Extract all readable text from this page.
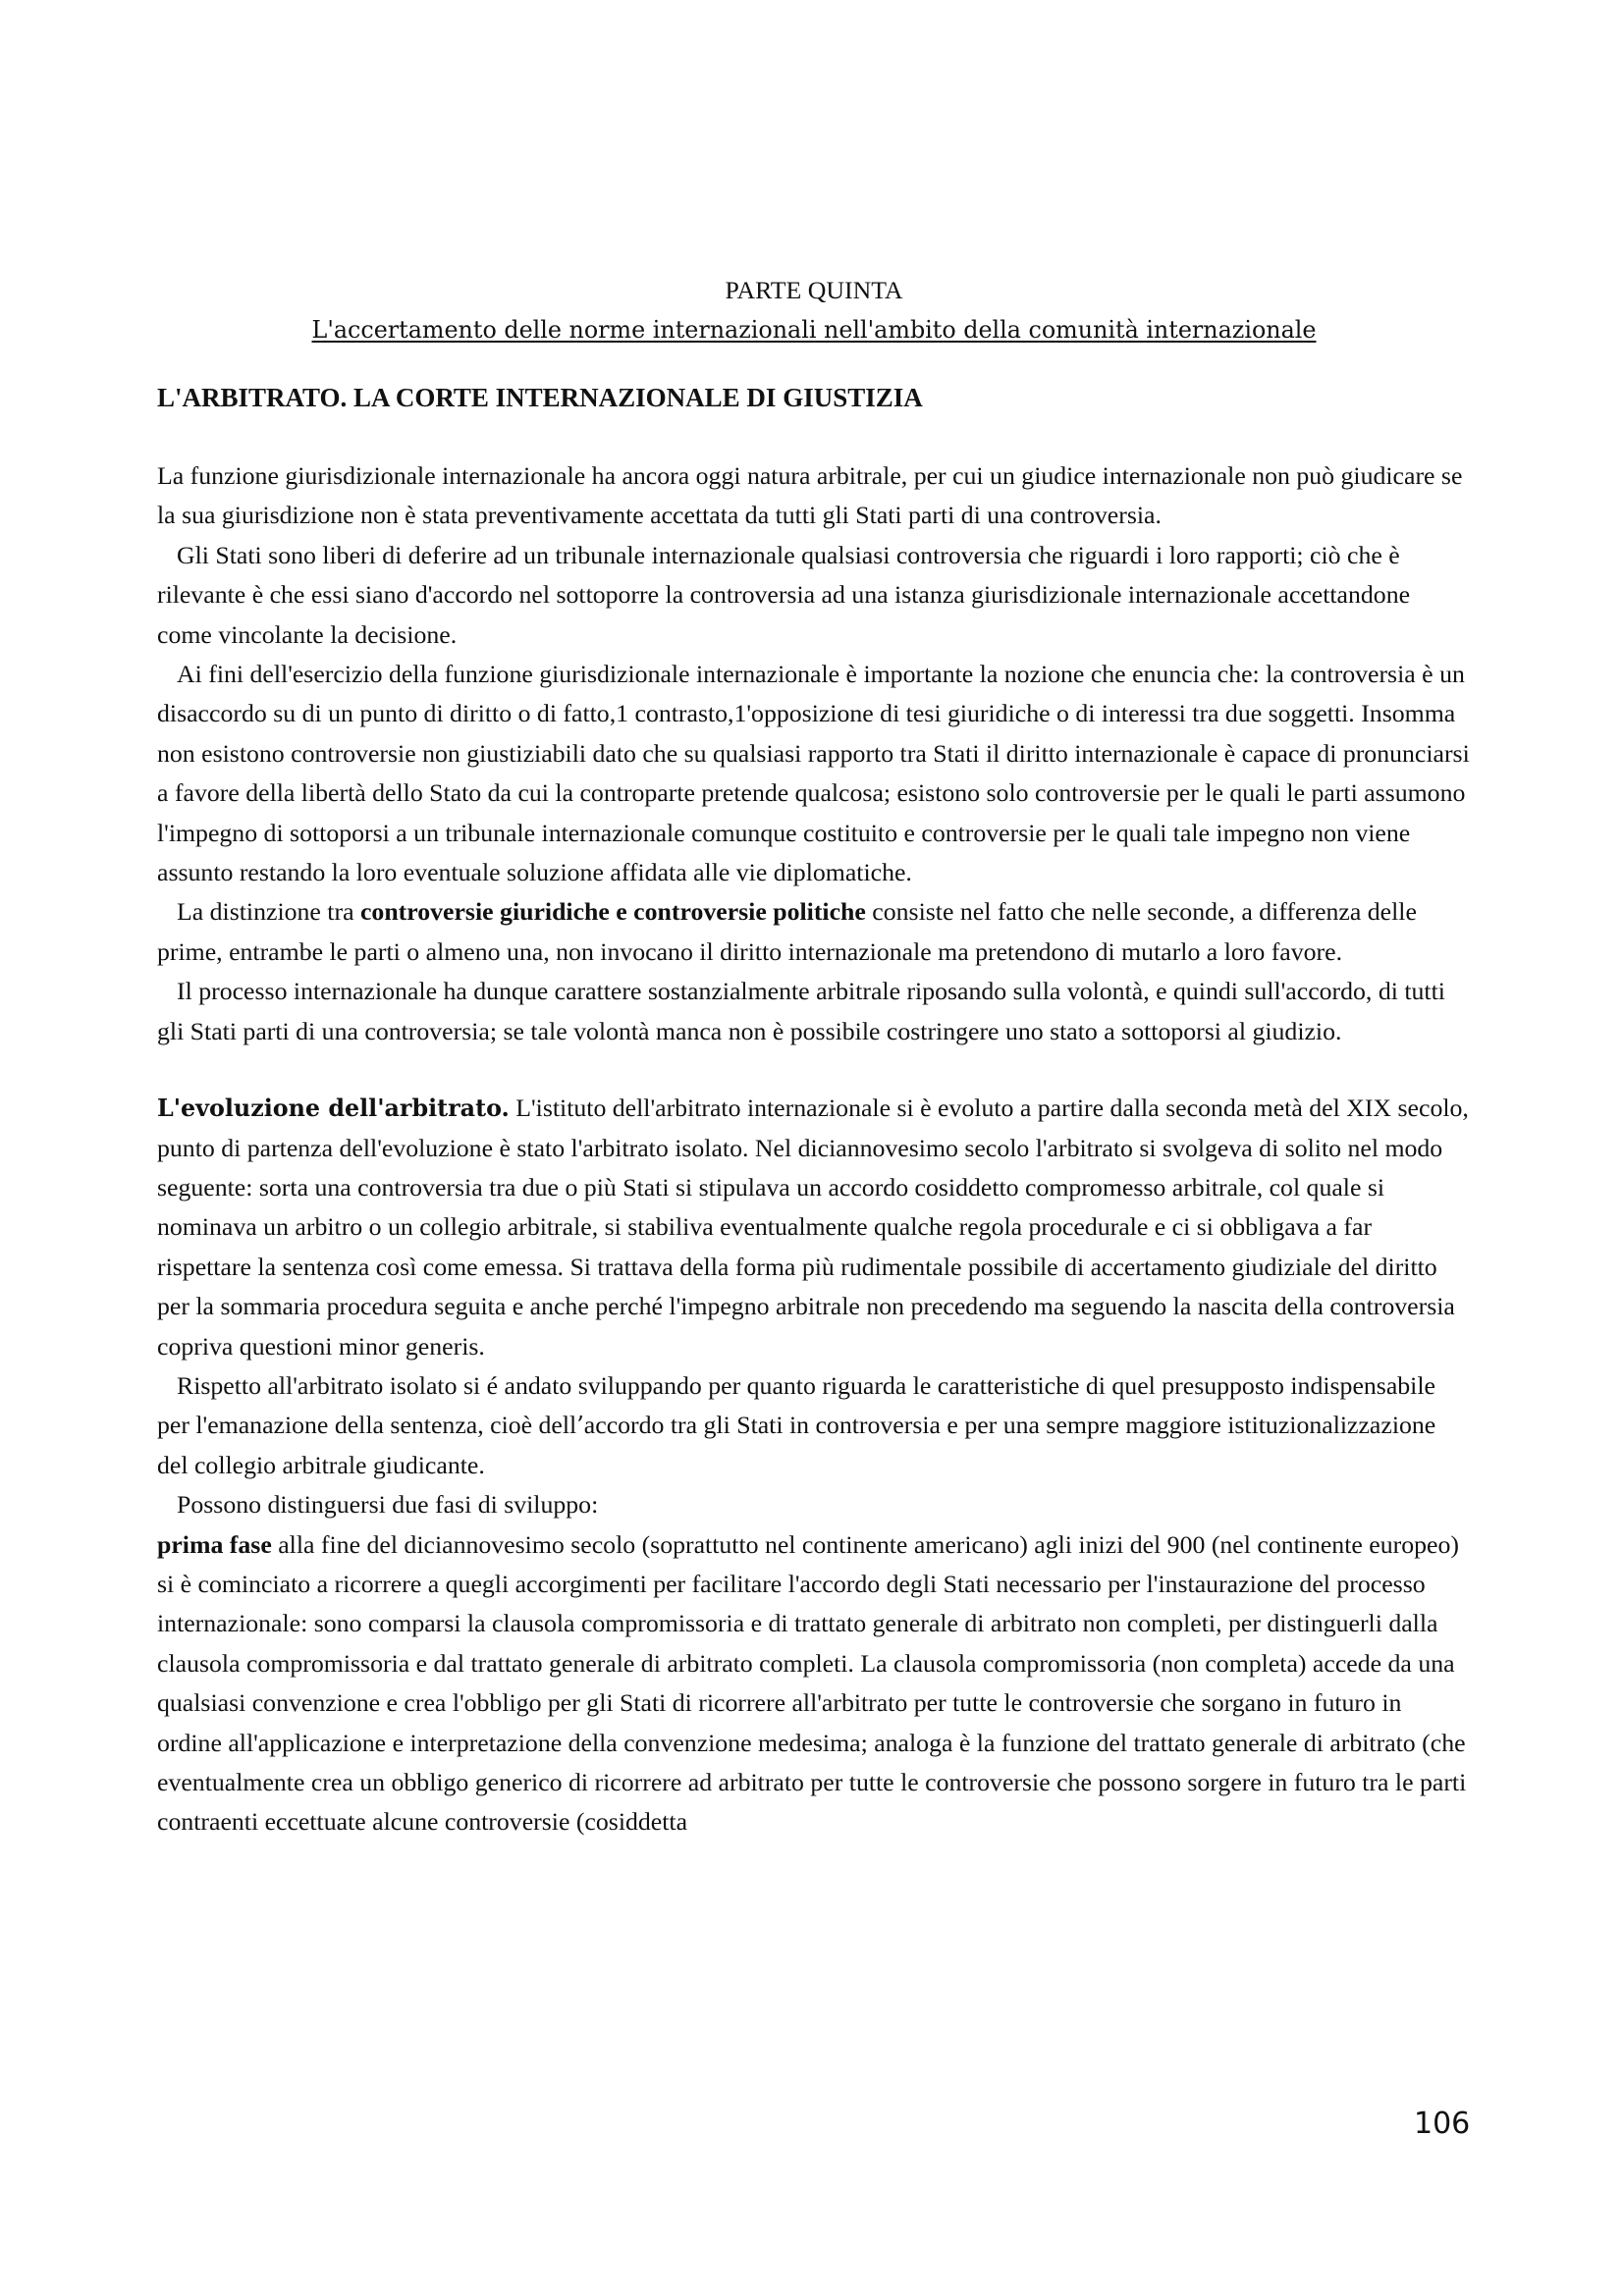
PARTE QUINTA

L'accertamento delle norme internazionali nell'ambito della comunità internazionale

L'ARBITRATO. LA CORTE INTERNAZIONALE DI GIUSTIZIA

La funzione giurisdizionale internazionale ha ancora oggi natura arbitrale, per cui un giudice internazionale non può giudicare se la sua giurisdizione non è stata preventivamente accettata da tutti gli Stati parti di una controversia.

Gli Stati sono liberi di deferire ad un tribunale internazionale qualsiasi controversia che riguardi i loro rapporti; ciò che è rilevante è che essi siano d'accordo nel sottoporre la controversia ad una istanza giurisdizionale internazionale accettandone come vincolante la decisione.

Ai fini dell'esercizio della funzione giurisdizionale internazionale è importante la nozione che enuncia che: la controversia è un disaccordo su di un punto di diritto o di fatto,1 contrasto,1'opposizione di tesi giuridiche o di interessi tra due soggetti. Insomma non esistono controversie non giustiziabili dato che su qualsiasi rapporto tra Stati il diritto internazionale è capace di pronunciarsi a favore della libertà dello Stato da cui la controparte pretende qualcosa; esistono solo controversie per le quali le parti assumono l'impegno di sottoporsi a un tribunale internazionale comunque costituito e controversie per le quali tale impegno non viene assunto restando la loro eventuale soluzione affidata alle vie diplomatiche.

La distinzione tra controversie giuridiche e controversie politiche consiste nel fatto che nelle seconde, a differenza delle prime, entrambe le parti o almeno una, non invocano il diritto internazionale ma pretendono di mutarlo a loro favore.

Il processo internazionale ha dunque carattere sostanzialmente arbitrale riposando sulla volontà, e quindi sull'accordo, di tutti gli Stati parti di una controversia; se tale volontà manca non è possibile costringere uno stato a sottoporsi al giudizio.

L'evoluzione dell'arbitrato. L'istituto dell'arbitrato internazionale si è evoluto a partire dalla seconda metà del XIX secolo, punto di partenza dell'evoluzione è stato l'arbitrato isolato. Nel diciannovesimo secolo l'arbitrato si svolgeva di solito nel modo seguente: sorta una controversia tra due o più Stati si stipulava un accordo cosiddetto compromesso arbitrale, col quale si nominava un arbitro o un collegio arbitrale, si stabiliva eventualmente qualche regola procedurale e ci si obbligava a far rispettare la sentenza così come emessa. Si trattava della forma più rudimentale possibile di accertamento giudiziale del diritto per la sommaria procedura seguita e anche perché l'impegno arbitrale non precedendo ma seguendo la nascita della controversia copriva questioni minor generis.

Rispetto all'arbitrato isolato si é andato sviluppando per quanto riguarda le caratteristiche di quel presupposto indispensabile per l'emanazione della sentenza, cioè dell’accordo tra gli Stati in controversia e per una sempre maggiore istituzionalizzazione del collegio arbitrale giudicante.

Possono distinguersi due fasi di sviluppo:

prima fase alla fine del diciannovesimo secolo (soprattutto nel continente americano) agli inizi del 900 (nel continente europeo) si è cominciato a ricorrere a quegli accorgimenti per facilitare l'accordo degli Stati necessario per l'instaurazione del processo internazionale: sono comparsi la clausola compromissoria e di trattato generale di arbitrato non completi, per distinguerli dalla clausola compromissoria e dal trattato generale di arbitrato completi. La clausola compromissoria (non completa) accede da una qualsiasi convenzione e crea l'obbligo per gli Stati di ricorrere all'arbitrato per tutte le controversie che sorgano in futuro in ordine all'applicazione e interpretazione della convenzione medesima; analoga è la funzione del trattato generale di arbitrato (che eventualmente crea un obbligo generico di ricorrere ad arbitrato per tutte le controversie che possono sorgere in futuro tra le parti contraenti eccettuate alcune controversie (cosiddetta

106
